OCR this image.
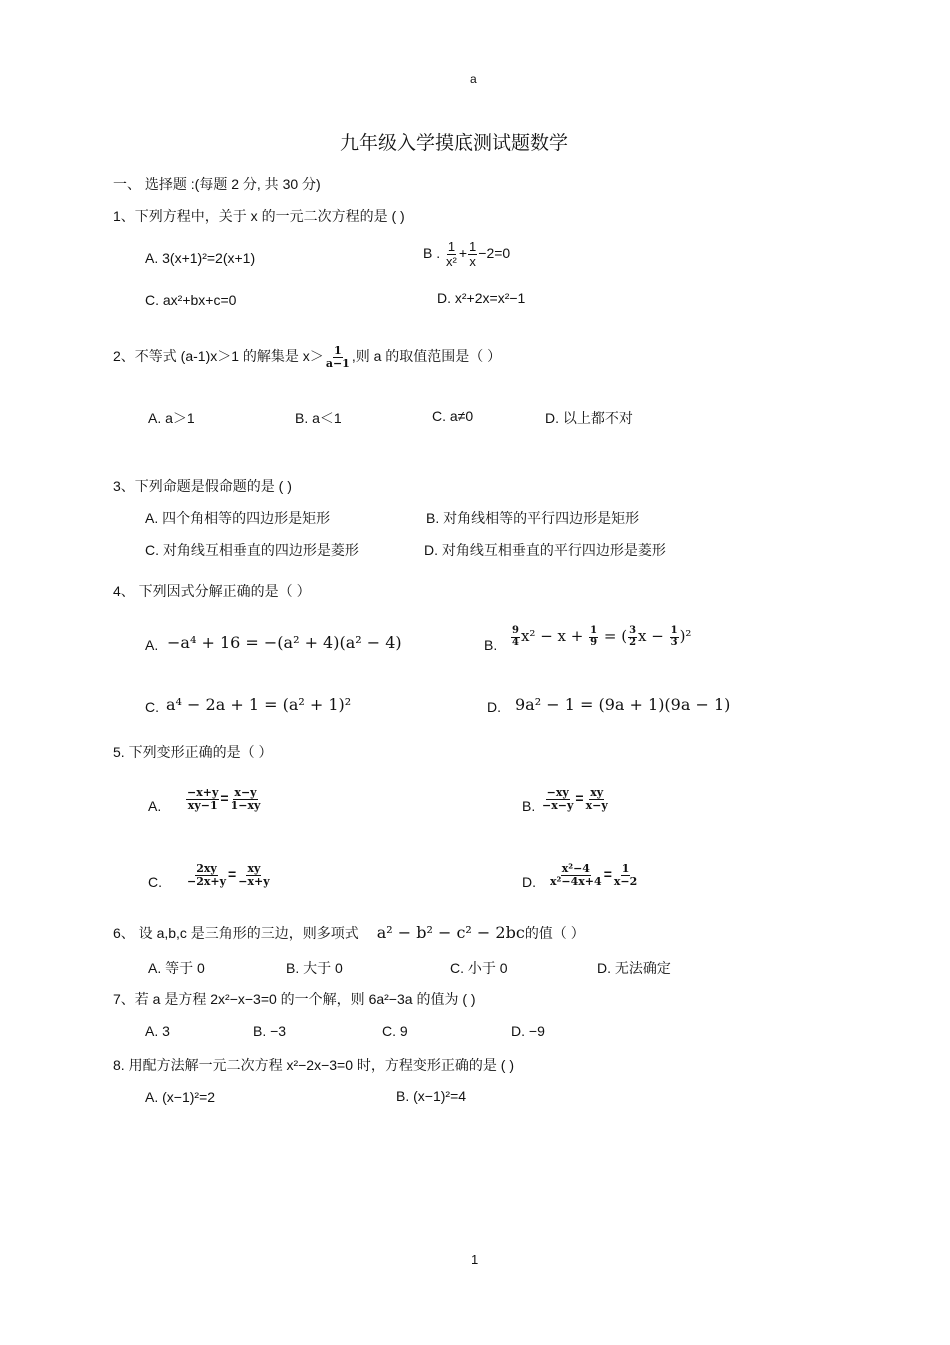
a
九年级入学摸底测试题数学
一、 选择题 :(每题 2 分, 共 30 分)
1、下列方程中，关于 x 的一元二次方程的是 ( )
A. 3(x+1)²=2(x+1)	B . $\frac{1}{\text{x²}} + \frac{1}{x} -2=0$
C. ax²+bx+c=0	D. x²+2x=x²−1
2、不等式 (a-1)x＞1 的解集是 $x> \frac{1}{a-1}$ ,则 a 的取值范围是（ ）
A. a＞1	B. a＜1	C. a≠0	D. 以上都不对
3、下列命题是假命题的是 ( )
A. 四个角相等的四边形是矩形	B. 对角线相等的平行四边形是矩形
C. 对角线互相垂直的四边形是菱形	D. 对角线互相垂直的平行四边形是菱形
4、 下列因式分解正确的是（ ）
A. −a⁴ + 16 = −(a² + 4)(a² − 4)	B. $\frac{9}{4} x^2 - x + \frac{1}{9}$ = ( $\frac{3}{2}$ $x - \frac{1}{3} )^2$
C. a⁴ − 2a + 1 = (a² + 1)²	D. 9a² − 1 = (9a + 1)(9a − 1)
5. 下列变形正确的是（ ）
A. $\frac{-x+y}{xy-1} = \frac{x-y}{1-xy}$	B. $\frac{-xy}{-x-y} = \frac{xy}{x-y}$
C. $\frac{2xy}{-2x+y} = \frac{xy}{-x+y}$	D. $\frac{\text{x²−4}}{\text{x²−4x+4}} = \frac{1}{x-2}$
6、 设 a,b,c 是三角形的三边，则多项式 a² − b² − c² − 2bc的值（ ）
A. 等于 0	B. 大于 0	C. 小于 0	D. 无法确定
7、若 a 是方程 2x²−x−3=0 的一个解，则 6a²−3a 的值为 ( )
A. 3	B. −3	C. 9	D. −9
8. 用配方法解一元二次方程 x²−2x−3=0 时，方程变形正确的是 ( )
A. (x−1)²=2	B. (x−1)²=4
1
